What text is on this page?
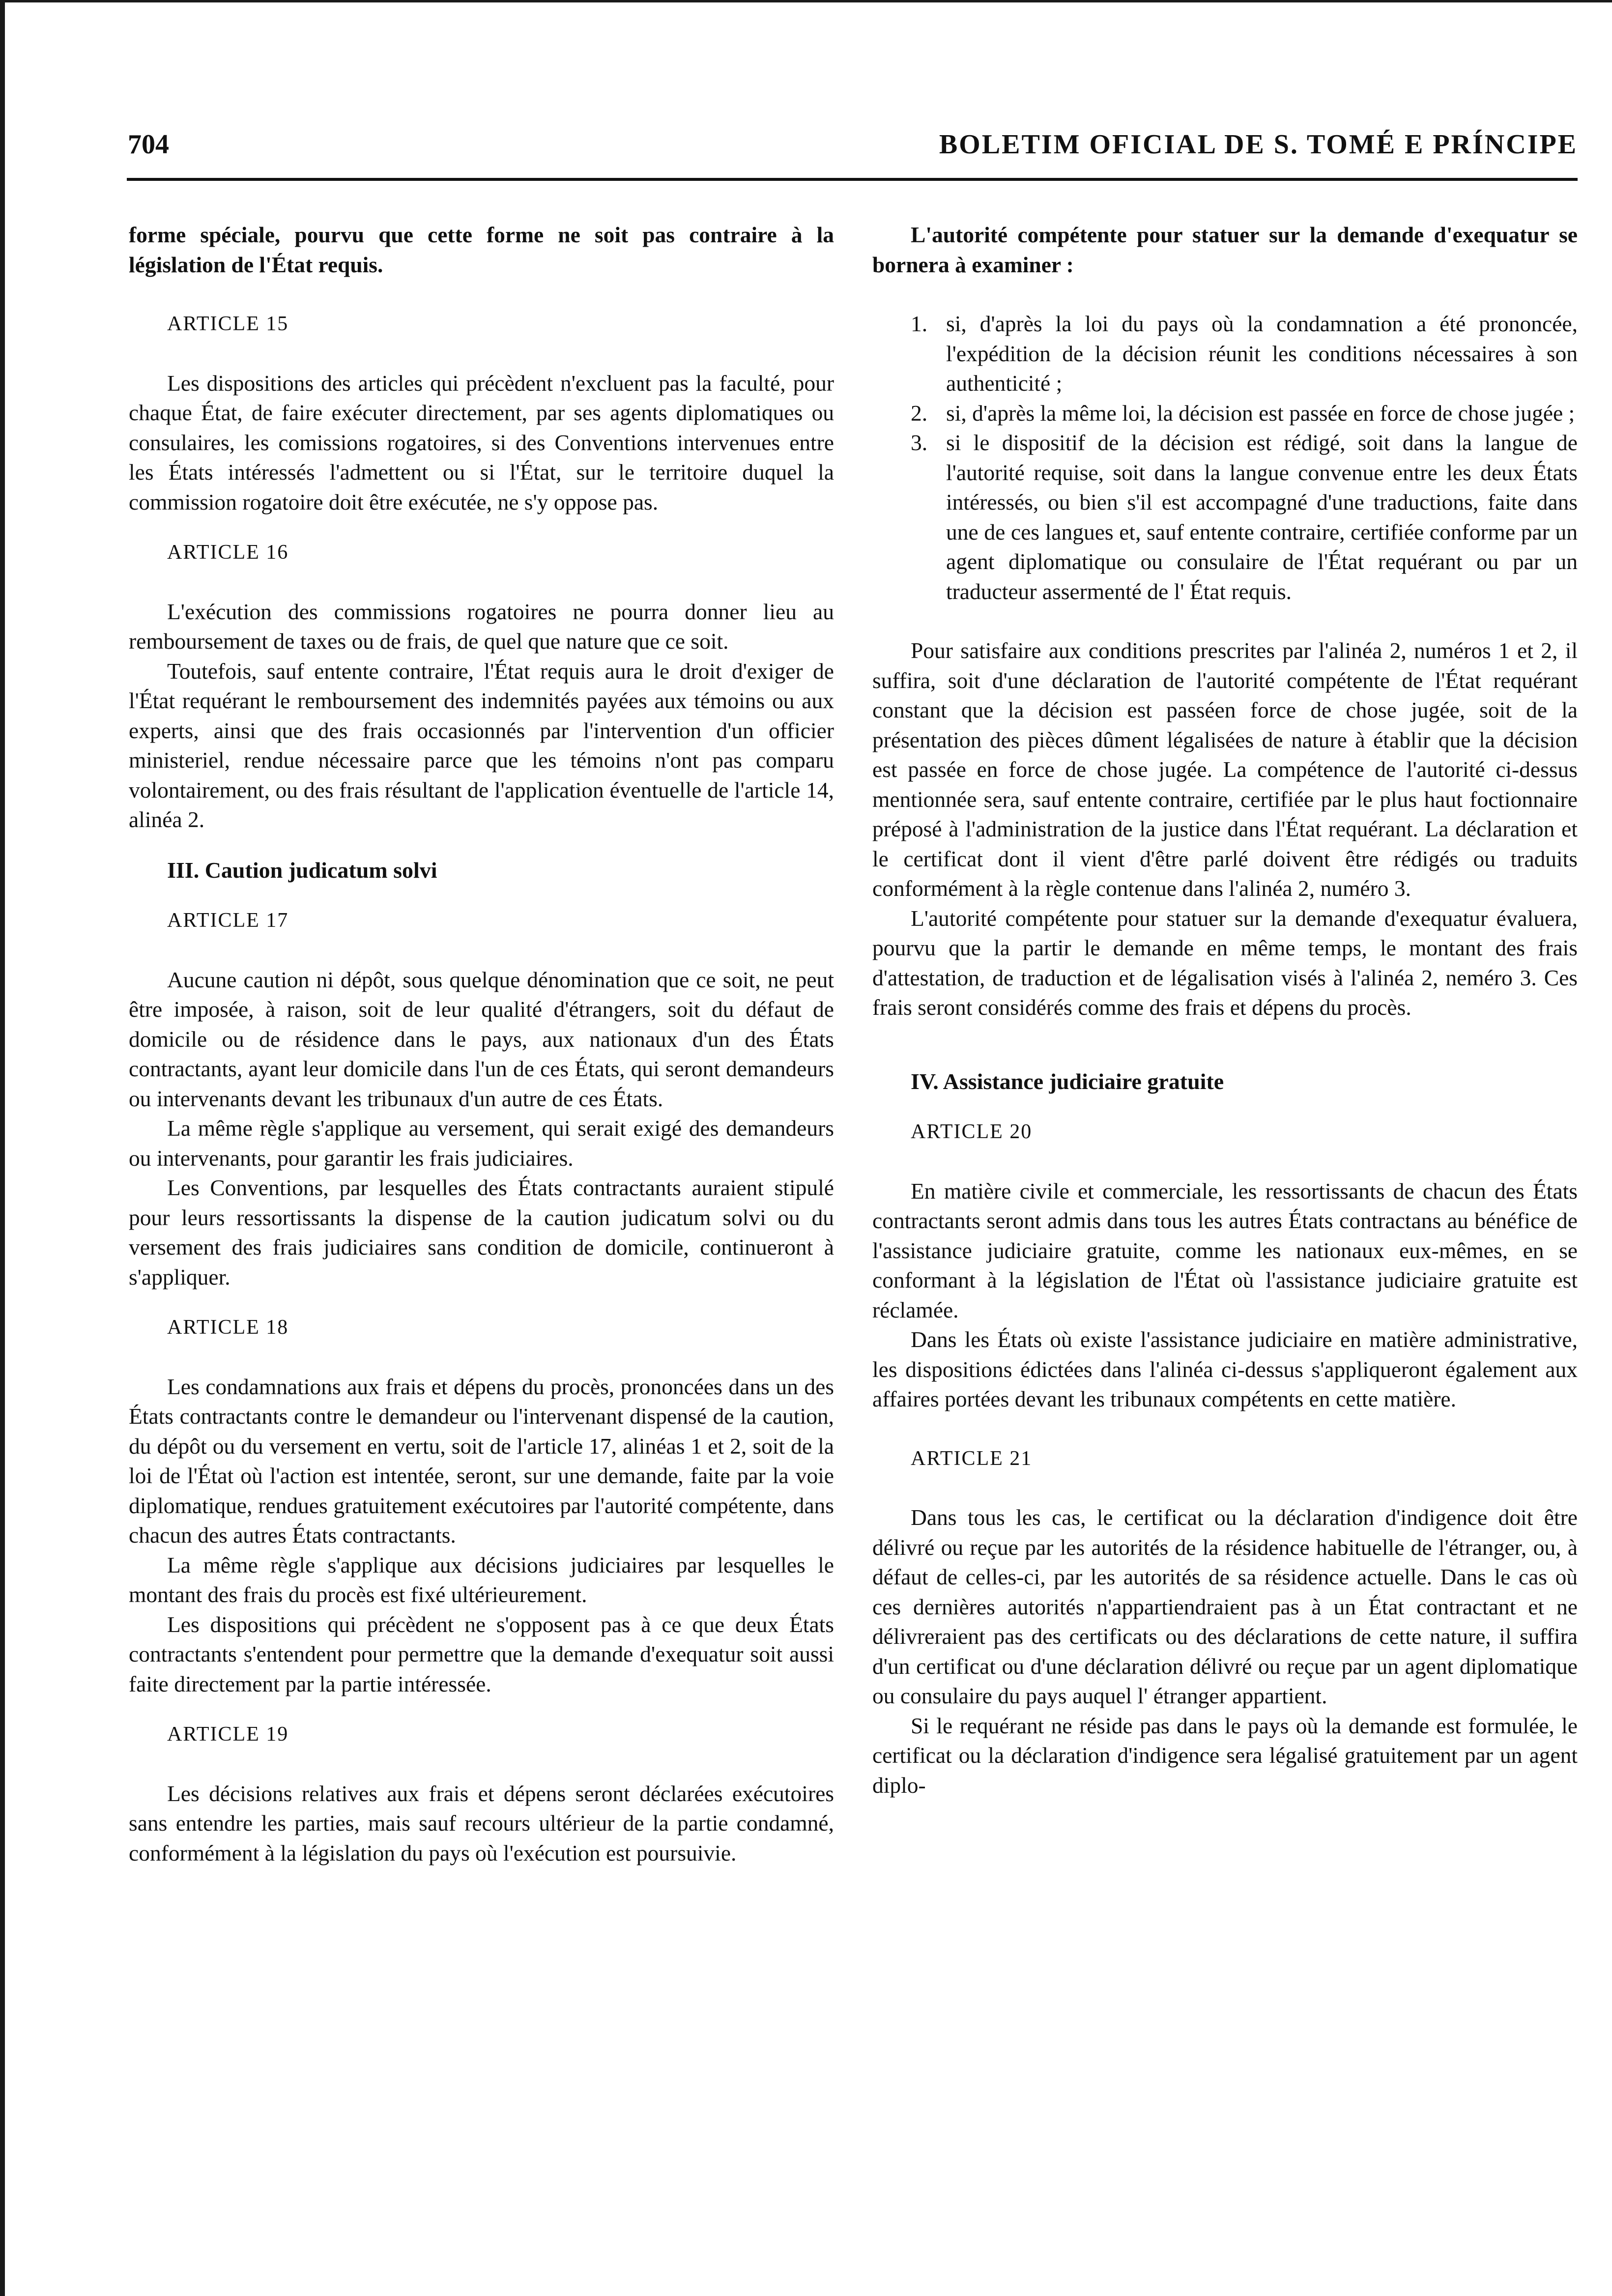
704	BOLETIM OFICIAL DE S. TOMÉ E PRÍNCIPE

forme spéciale, pourvu que cette forme ne soit pas contraire à la législation de l'État requis.

ARTICLE 15

Les dispositions des articles qui précèdent n'excluent pas la faculté, pour chaque État, de faire exécuter directement, par ses agents diplomatiques ou consulaires, les comissions rogatoires, si des Conventions intervenues entre les États intéressés l'admettent ou si l'État, sur le territoire duquel la commission rogatoire doit être exécutée, ne s'y oppose pas.

ARTICLE 16

L'exécution des commissions rogatoires ne pourra donner lieu au remboursement de taxes ou de frais, de quel que nature que ce soit.

Toutefois, sauf entente contraire, l'État requis aura le droit d'exiger de l'État requérant le remboursement des indemnités payées aux témoins ou aux experts, ainsi que des frais occasionnés par l'intervention d'un officier ministeriel, rendue nécessaire parce que les témoins n'ont pas comparu volontairement, ou des frais résultant de l'application éventuelle de l'article 14, alinéa 2.

III. Caution judicatum solvi

ARTICLE 17

Aucune caution ni dépôt, sous quelque dénomination que ce soit, ne peut être imposée, à raison, soit de leur qualité d'étrangers, soit du défaut de domicile ou de résidence dans le pays, aux nationaux d'un des États contractants, ayant leur domicile dans l'un de ces États, qui seront demandeurs ou intervenants devant les tribunaux d'un autre de ces États.

La même règle s'applique au versement, qui serait exigé des demandeurs ou intervenants, pour garantir les frais judiciaires.

Les Conventions, par lesquelles des États contractants auraient stipulé pour leurs ressortissants la dispense de la caution judicatum solvi ou du versement des frais judiciaires sans condition de domicile, continueront à s'appliquer.

ARTICLE 18

Les condamnations aux frais et dépens du procès, prononcées dans un des États contractants contre le demandeur ou l'intervenant dispensé de la caution, du dépôt ou du versement en vertu, soit de l'article 17, alinéas 1 et 2, soit de la loi de l'État où l'action est intentée, seront, sur une demande, faite par la voie diplomatique, rendues gratuitement exécutoires par l'autorité compétente, dans chacun des autres États contractants.

La même règle s'applique aux décisions judiciaires par lesquelles le montant des frais du procès est fixé ultérieurement.

Les dispositions qui précèdent ne s'opposent pas à ce que deux États contractants s'entendent pour permettre que la demande d'exequatur soit aussi faite directement par la partie intéressée.

ARTICLE 19

Les décisions relatives aux frais et dépens seront déclarées exécutoires sans entendre les parties, mais sauf recours ultérieur de la partie condamné, conformément à la législation du pays où l'exécution est poursuivie.

L'autorité compétente pour statuer sur la demande d'exequatur se bornera à examiner :

1. si, d'après la loi du pays où la condamnation a été prononcée, l'expédition de la décision réunit les conditions nécessaires à son authenticité ;
2. si, d'après la même loi, la décision est passée en force de chose jugée ;
3. si le dispositif de la décision est rédigé, soit dans la langue de l'autorité requise, soit dans la langue convenue entre les deux États intéressés, ou bien s'il est accompagné d'une traductions, faite dans une de ces langues et, sauf entente contraire, certifiée conforme par un agent diplomatique ou consulaire de l'État requérant ou par un traducteur assermenté de l' État requis.

Pour satisfaire aux conditions prescrites par l'alinéa 2, numéros 1 et 2, il suffira, soit d'une déclaration de l'autorité compétente de l'État requérant constant que la décision est passéen force de chose jugée, soit de la présentation des pièces dûment légalisées de nature à établir que la décision est passée en force de chose jugée. La compétence de l'autorité ci-dessus mentionnée sera, sauf entente contraire, certifiée par le plus haut foctionnaire préposé à l'administration de la justice dans l'État requérant. La déclaration et le certificat dont il vient d'être parlé doivent être rédigés ou traduits conformément à la règle contenue dans l'alinéa 2, numéro 3.

L'autorité compétente pour statuer sur la demande d'exequatur évaluera, pourvu que la partir le demande en même temps, le montant des frais d'attestation, de traduction et de légalisation visés à l'alinéa 2, neméro 3. Ces frais seront considérés comme des frais et dépens du procès.

IV. Assistance judiciaire gratuite

ARTICLE 20

En matière civile et commerciale, les ressortissants de chacun des États contractants seront admis dans tous les autres États contractans au bénéfice de l'assistance judiciaire gratuite, comme les nationaux eux-mêmes, en se conformant à la législation de l'État où l'assistance judiciaire gratuite est réclamée.

Dans les États où existe l'assistance judiciaire en matière administrative, les dispositions édictées dans l'alinéa ci-dessus s'appliqueront également aux affaires portées devant les tribunaux compétents en cette matière.

ARTICLE 21

Dans tous les cas, le certificat ou la déclaration d'indigence doit être délivré ou reçue par les autorités de la résidence habituelle de l'étranger, ou, à défaut de celles-ci, par les autorités de sa résidence actuelle. Dans le cas où ces dernières autorités n'appartiendraient pas à un État contractant et ne délivreraient pas des certificats ou des déclarations de cette nature, il suffira d'un certificat ou d'une déclaration délivré ou reçue par un agent diplomatique ou consulaire du pays auquel l' étranger appartient.

Si le requérant ne réside pas dans le pays où la demande est formulée, le certificat ou la déclaration d'indigence sera légalisé gratuitement par un agent diplo-
